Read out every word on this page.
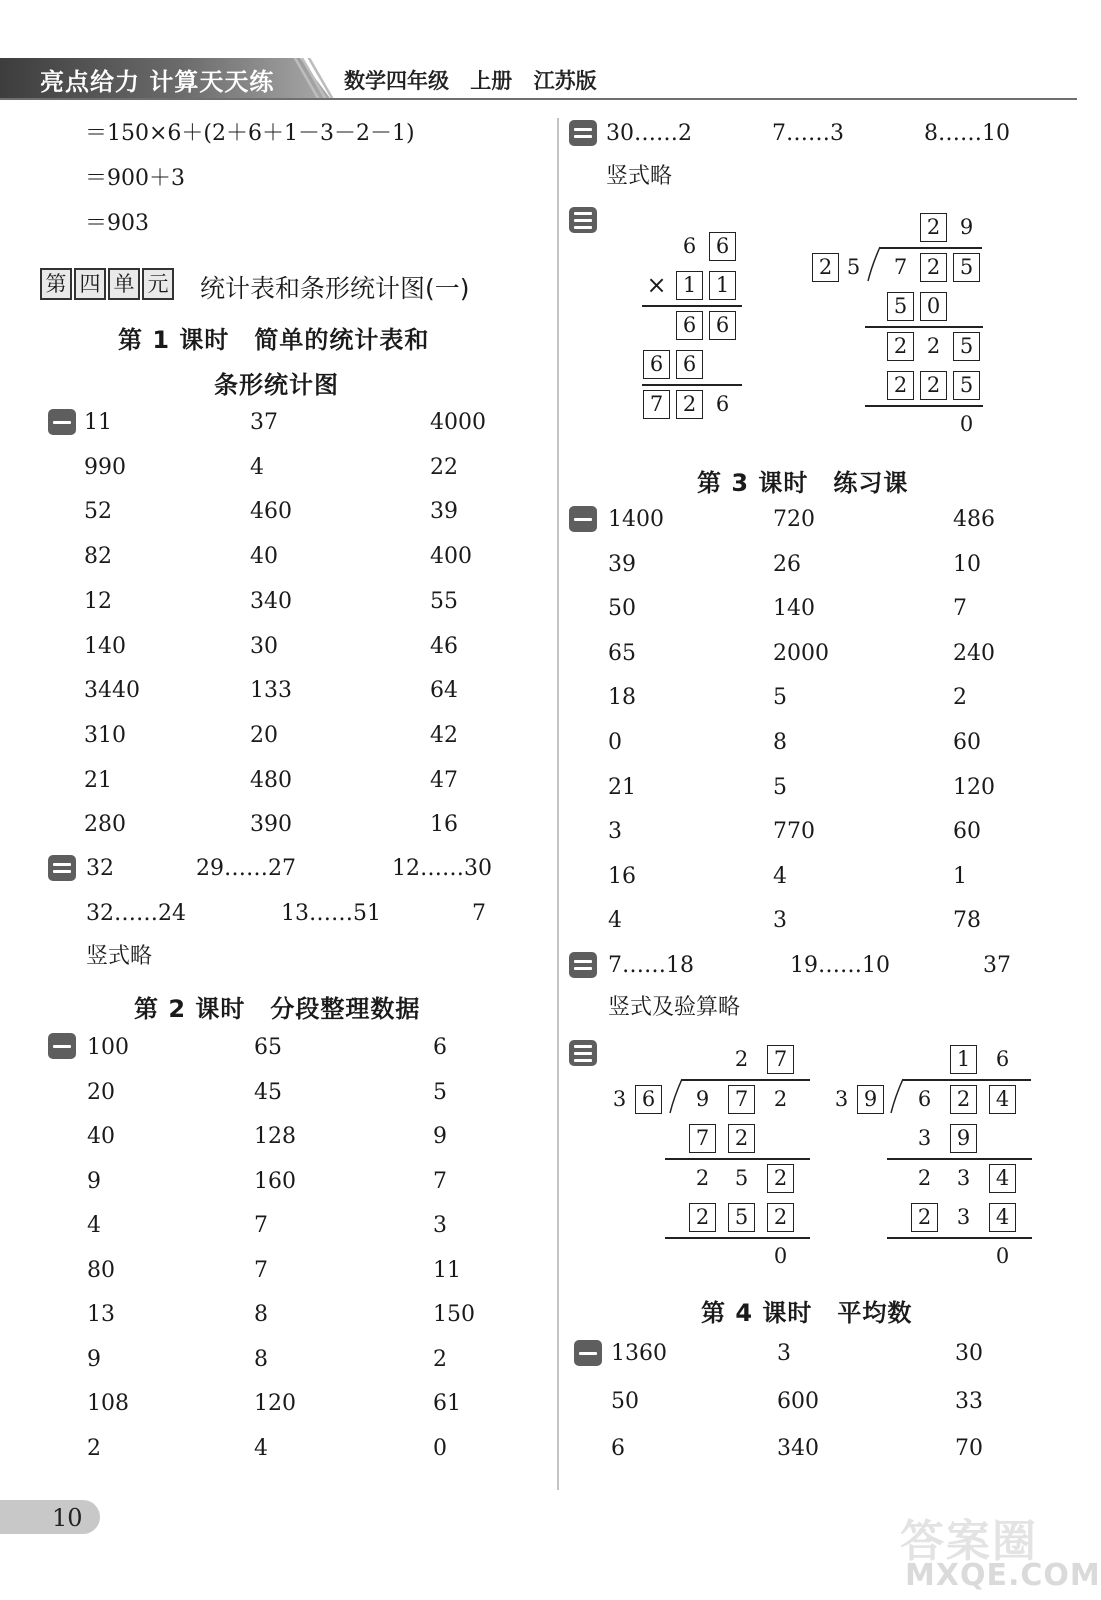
亮点给力 计算天天练	数学四年级 上册 江苏版
＝150×6＋(2＋6＋1－3－2－1)
＝900＋3
＝903
第 四 单 元	统计表和条形统计图(一)
第 1 课时　简单的统计表和
条形统计图
11	37	4000
990	4	22
52	460	39
82	40	400
12	340	55
140	30	46
3440	133	64
310	20	42
21	480	47
280	390	16
32	29……27	12……30
32……24	13……51	7
竖式略
第 2 课时　分段整理数据
100	65	6
20	45	5
40	128	9
9	160	7
4	7	3
80	7	11
13	8	150
9	8	2
108	120	61
2	4	0
30……2	7……3	8……10
竖式略
6 6
× 1 1
6 6
6 6
7 2 6
2 9
2 5	7 2 5
5 0
2 2 5
2 2 5
0
第 3 课时　练习课
1400	720	486
39	26	10
50	140	7
65	2000	240
18	5	2
0	8	60
21	5	120
3	770	60
16	4	1
4	3	78
7……18	19……10	37
竖式及验算略
2	7
3 6	9	7	2
7	2
2	5	2
2	5	2
0
1	6
3 9	6	2	4
3	9
2	3	4
2	3	4
0
第 4 课时　平均数
1360	3	30
50	600	33
6	340	70
10	答案圈
MXQE.COM
